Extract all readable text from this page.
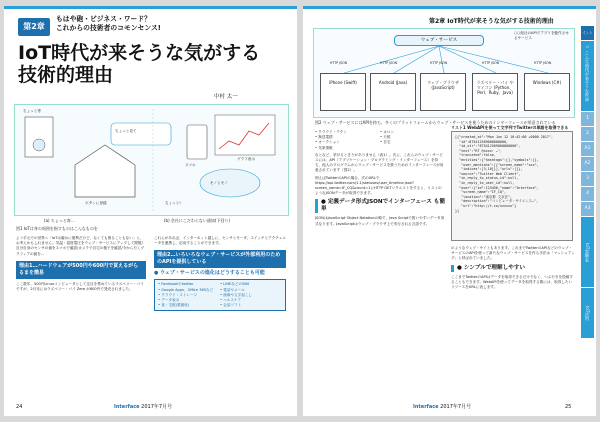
第2章
もはや砲・ビジネス・ワード？
これからの技術者のコモンセンス!
IoT時代が来そうな気がする
技術的理由
中村 太一
ちょっと寄
ちょっと見て
ボタンに登録
スマホ
グラフ表示
モノとモノ
ちょっと!
(a) ちょっと寄…	(b) 会社にこだわらない通知(下回り)
図1 IoTは身の周囲を指すものはこんなものを

よう手元での世界へ「IoTは確かに便利だけど、なくても困ることもない」と、お考えかもしれません。気温・湿度電圧をウェブ・サービスにアップして閲覧/自分自身のセンサの値をスマホで確認/カメラで自宅の様子を確認/今から行くグラフィアの値を…

理由1…ハードウェアが500円や600円で買えるがらるまを簡易

ここ数年、500円Linuxコンピュータとして注目を集めているラズベリー・パイですが、2月末にはラズベリー・パイ Zero が600円で発売されました。

これらがあれば、インターネット越しに、センサとモータ、スイッチとアクチュエータを連携し、応用することができます。

理由2…いろいろなウェブ・サービスが外部利用のためのAPIを提供している
● ウェブ・サービスの進化はどうすることも可能
• Facebookやtwitter	• LINEなどのSNS
• Google Apps、Office 365など	• 電話やメール
• クラウド・ストレージ	• 画像や文字起こし
• データ表示	• ヘルスケア
• 食・宅配(要最低)	• 会話ソフト
24	Interface 2017年7月号
第2章 IoT時代が来そうな気がする技術的理由
ウェブ・サービス
○○他社のAPIでアプリを動作させるサービス
iPhone (Swift)
HTTP JSON
Android (Java)
HTTP JSON
ウェブ・ブラウザ (JavaScript)
HTTP JSON
ラズベリー・パイ やマイコン (Python、Perl、Ruby、Java)
HTTP JSON
Windows (C#)
HTTP JSON
図2 ウェブ・サービスにはAPIを持ち、多くのプラットフォームからウェブ・サービスを使うためのインターフェースが用意されている
• クラウド・テクン	• カロン
• 無送電情	• 天候
• オークション	• 自宅
• 気象情報

なとなど、挙げるときりがありません（表1）。次に、これらのウェブ・サービスには、API（アプリケーション・プログラミング・インターフェース）を持ち、他人のプログラムからウェブ・サービスを扱うためのインターフェースが用意されています（図2）。

例えばTwitterのAPIの場合、次のURLでhttps://api.twitter.com/1.1/statuses/user_timeline.json?screen_name=IF_CQ&count=1にHTTP GETリクエストをすると、リストのようなJSONデータが取得できます。

● 定義データ形式JSONでインターフェース も簡単

JSONはJavaScript Object Notationの略で、Java Scriptで扱いやすいデータ形式なります。JavaScriptはウェブ・ブラウザ上で実行される言語です。

リスト1 WebAPIを使って文字列でTwitterの単語を取得できる
[{"created_at":"Mon Jun 12 10:42:00 +0000 2017",
"id":875412569000000000,
"id_str":"875412569000000000",
"text":"RT @xxxx: …",
"truncated":false,
"entities":{"hashtags":[],"symbols":[],
"user_mentions":[{"screen_name":"xxx",
"indices":[3,10]}],"urls":[]},
"source":"Twitter Web Client",
"in_reply_to_status_id":null,
"in_reply_to_user_id":null,
"user":{"id":123456,"name":"Interface",
"screen_name":"IF_CQ",
"location":"東京都 文京区",
"description":"コンピュータ・サイエンス…",
"url":"http://t.co/xxxxxx"}
}]

のようなウェブ・サイトもあります。これまでTwitterのAPIなどのウェブ・サービスのAPIを使って新たなウェブ・サービスを作る手法は「マッシュアップ」と呼ばれていました。

● シンプルで理解しやすい

ここまでTwitterのAPIはデータを取得できるだけでなく、つぶやきを投稿することもできます。WebAPIを使ってデータを取得する際には、取得したいリソースをURLに表します。

イントロ
こんな時代が来そうな世界
1
2
A1
A2
3
4
A3
IoT実験室
IoT活用
Interface 2017年7月号	25
